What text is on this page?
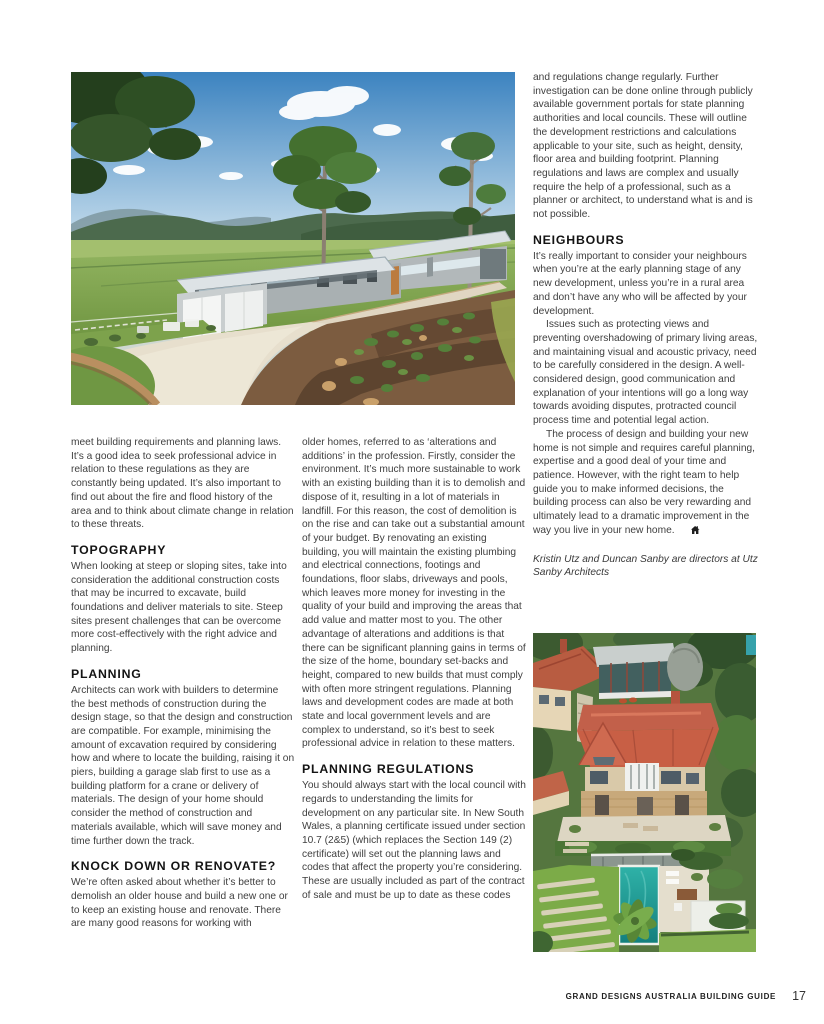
meet building requirements and planning laws. It’s a good idea to seek professional advice in relation to these regulations as they are constantly being updated. It’s also important to find out about the fire and flood history of the area and to think about climate change in relation to these threats.
TOPOGRAPHY
When looking at steep or sloping sites, take into consideration the additional construction costs that may be incurred to excavate, build foundations and deliver materials to site. Steep sites present challenges that can be overcome more cost-effectively with the right advice and planning.
PLANNING
Architects can work with builders to determine the best methods of construction during the design stage, so that the design and construction are compatible. For example, minimising the amount of excavation required by considering how and where to locate the building, raising it on piers, building a garage slab first to use as a building platform for a crane or delivery of materials. The design of your home should consider the method of construction and materials available, which will save money and time further down the track.
KNOCK DOWN OR RENOVATE?
We’re often asked about whether it’s better to demolish an older house and build a new one or to keep an existing house and renovate. There are many good reasons for working with
older homes, referred to as ‘alterations and additions’ in the profession. Firstly, consider the environment. It’s much more sustainable to work with an existing building than it is to demolish and dispose of it, resulting in a lot of materials in landfill. For this reason, the cost of demolition is on the rise and can take out a substantial amount of your budget. By renovating an existing building, you will maintain the existing plumbing and electrical connections, footings and foundations, floor slabs, driveways and pools, which leaves more money for investing in the quality of your build and improving the areas that add value and matter most to you. The other advantage of alterations and additions is that there can be significant planning gains in terms of the size of the home, boundary set-backs and height, compared to new builds that must comply with often more stringent regulations. Planning laws and development codes are made at both state and local government levels and are complex to understand, so it’s best to seek professional advice in relation to these matters.
PLANNING REGULATIONS
You should always start with the local council with regards to understanding the limits for development on any particular site. In New South Wales, a planning certificate issued under section 10.7 (2&5) (which replaces the Section 149 (2) certificate) will set out the planning laws and codes that affect the property you’re considering. These are usually included as part of the contract of sale and must be up to date as these codes
and regulations change regularly. Further investigation can be done online through publicly available government portals for state planning authorities and local councils. These will outline the development restrictions and calculations applicable to your site, such as height, density, floor area and building footprint. Planning regulations and laws are complex and usually require the help of a professional, such as a planner or architect, to understand what is and is not possible.
NEIGHBOURS
It’s really important to consider your neighbours when you’re at the early planning stage of any new development, unless you’re in a rural area and don’t have any who will be affected by your development.
Issues such as protecting views and preventing overshadowing of primary living areas, and maintaining visual and acoustic privacy, need to be carefully considered in the design. A well-considered design, good communication and explanation of your intentions will go a long way towards avoiding disputes, protracted council process time and potential legal action.
The process of design and building your new home is not simple and requires careful planning, expertise and a good deal of your time and patience. However, with the right team to help guide you to make informed decisions, the building process can also be very rewarding and ultimately lead to a dramatic improvement in the way you live in your new home.
Kristin Utz and Duncan Sanby are directors at Utz Sanby Architects
GRAND DESIGNS AUSTRALIA BUILDING GUIDE 17
